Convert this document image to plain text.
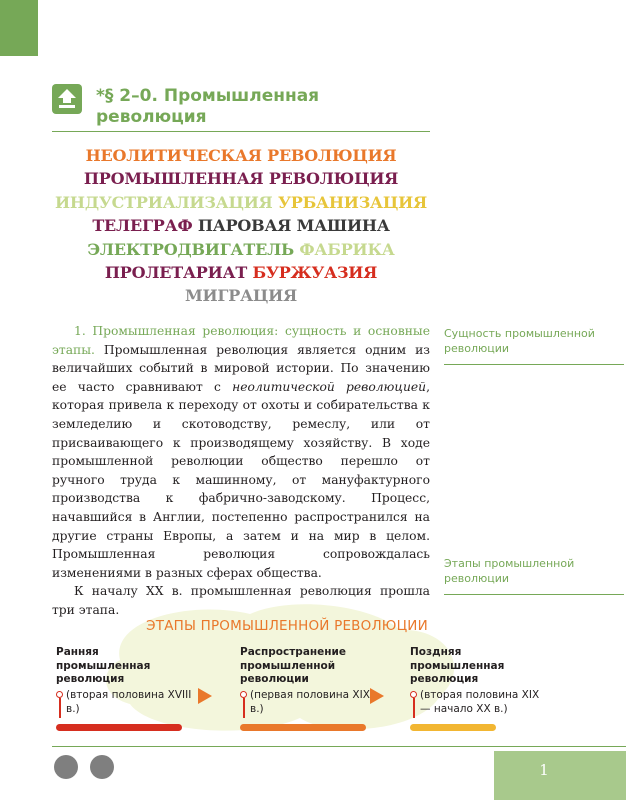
*§ 2–0. Промышленная революция
НЕОЛИТИЧЕСКАЯ РЕВОЛЮЦИЯ
ПРОМЫШЛЕННАЯ РЕВОЛЮЦИЯ
ИНДУСТРИАЛИЗАЦИЯ УРБАНИЗАЦИЯ
ТЕЛЕГРАФ ПАРОВАЯ МАШИНА
ЭЛЕКТРОДВИГАТЕЛЬ ФАБРИКА
ПРОЛЕТАРИАТ БУРЖУАЗИЯ
МИГРАЦИЯ

1. Промышленная революция: сущность и основные этапы. Промышленная революция является одним из величайших событий в мировой истории. По значению ее часто сравнивают с неолитической революцией, которая привела к переходу от охоты и собирательства к земледелию и скотоводству, ремеслу, или от присваивающего к производящему хозяйству. В ходе промышленной революции общество перешло от ручного труда к машинному, от мануфактурного производства к фабрично-заводскому. Процесс, начавшийся в Англии, постепенно распространился на другие страны Европы, а затем и на мир в целом. Промышленная революция сопровождалась изменениями в разных сферах общества.

К началу XX в. промышленная революция прошла три этапа.

Сущность промышленной революции
Этапы промышленной революции
ЭТАПЫ ПРОМЫШЛЕННОЙ РЕВОЛЮЦИИ
Ранняя промышленная революция
(вторая половина XVIII в.)
Распространение промышленной революции
(первая половина XIX в.)
Поздняя промышленная революция
(вторая половина XIX — начало XX в.)
1
